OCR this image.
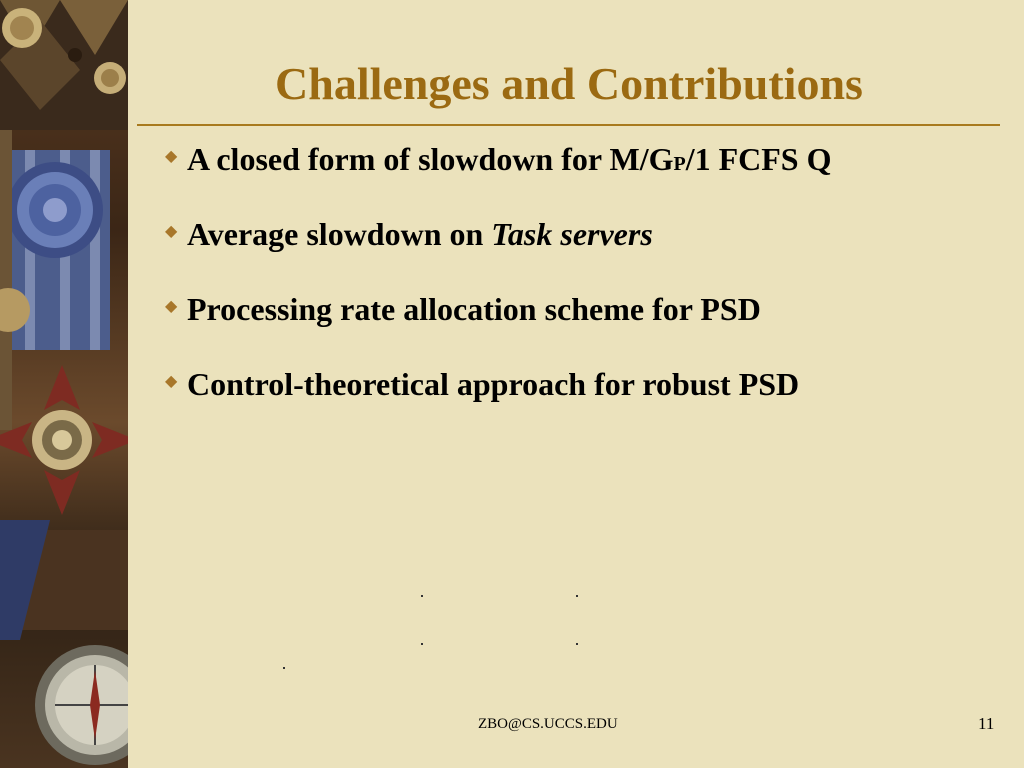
Challenges and Contributions
◆ A closed form of slowdown for M/GP/1 FCFS Q
◆ Average slowdown on Task servers
◆ Processing rate allocation scheme for PSD
◆ Control-theoretical approach for robust PSD
ZBO@CS.UCCS.EDU	11
